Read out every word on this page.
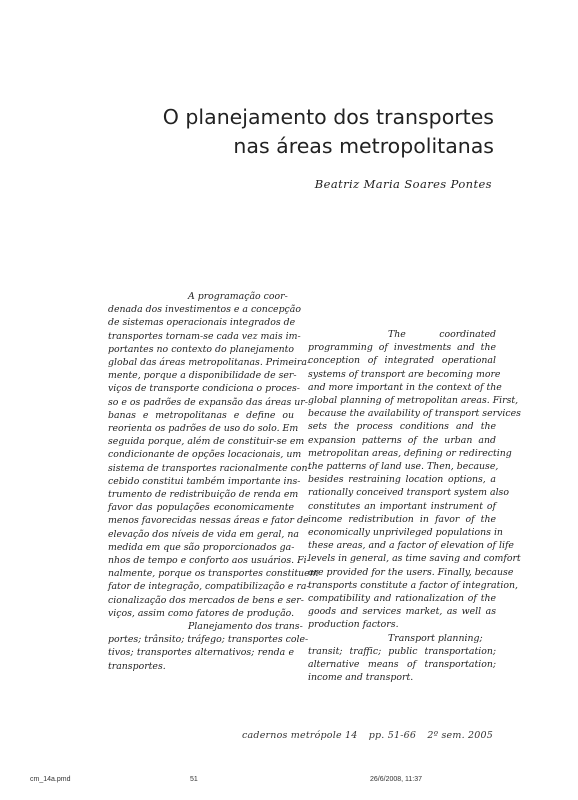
O planejamento dos transportes
nas áreas metropolitanas
Beatriz Maria Soares Pontes
A programação coor-
denada dos investimentos e a concepção
de sistemas operacionais integrados de
transportes tornam-se cada vez mais im-
portantes no contexto do planejamento
global das áreas metropolitanas. Primeira-
mente, porque a disponibilidade de ser-
viços de transporte condiciona o proces-
so e os padrões de expansão das áreas ur-
banas e metropolitanas e define ou
reorienta os padrões de uso do solo. Em
seguida porque, além de constituir-se em
condicionante de opções locacionais, um
sistema de transportes racionalmente con-
cebido constitui também importante ins-
trumento de redistribuição de renda em
favor das populações economicamente
menos favorecidas nessas áreas e fator de
elevação dos níveis de vida em geral, na
medida em que são proporcionados ga-
nhos de tempo e conforto aos usuários. Fi-
nalmente, porque os transportes constituem
fator de integração, compatibilização e ra-
cionalização dos mercados de bens e ser-
viços, assim como fatores de produção.
Planejamento dos trans-
portes; trânsito; tráfego; transportes cole-
tivos; transportes alternativos; renda e
transportes.
The coordinated
programming of investments and the
conception of integrated operational
systems of transport are becoming more
and more important in the context of the
global planning of metropolitan areas. First,
because the availability of transport services
sets the process conditions and the
expansion patterns of the urban and
metropolitan areas, defining or redirecting
the patterns of land use. Then, because,
besides restraining location options, a
rationally conceived transport system also
constitutes an important instrument of
income redistribution in favor of the
economically unprivileged populations in
these areas, and a factor of elevation of life
levels in general, as time saving and comfort
are provided for the users. Finally, because
transports constitute a factor of integration,
compatibility and rationalization of the
goods and services market, as well as
production factors.
Transport planning;
transit; traffic; public transportation;
alternative means of transportation;
income and transport.
cadernos metrópole 14 pp. 51-66 2º sem. 2005
cm_14a.pmd	51	26/6/2008, 11:37
